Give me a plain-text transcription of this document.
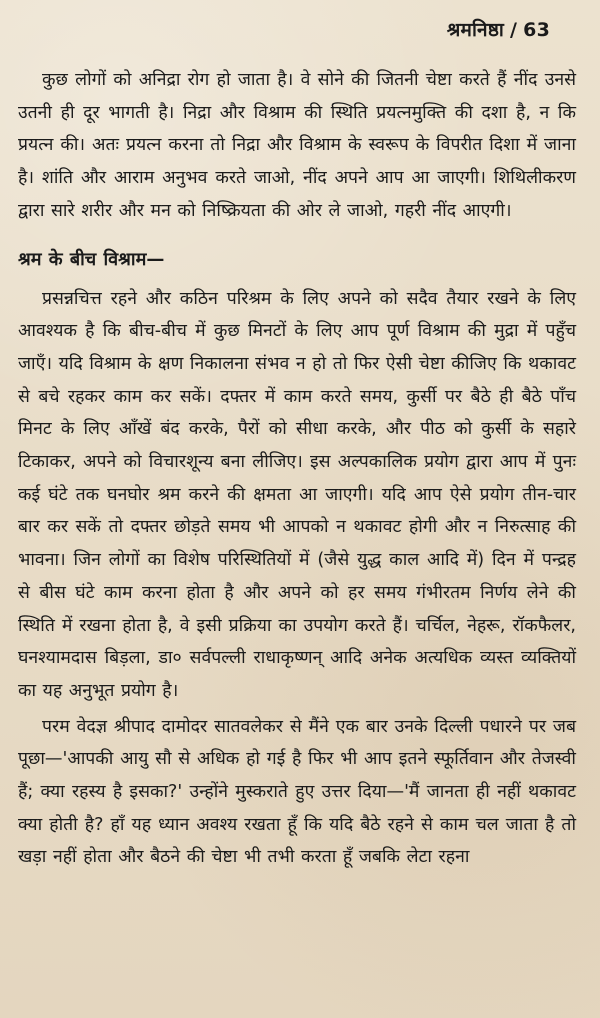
श्रमनिष्ठा / 63

कुछ लोगों को अनिद्रा रोग हो जाता है। वे सोने की जितनी चेष्टा करते हैं नींद उनसे उतनी ही दूर भागती है। निद्रा और विश्राम की स्थिति प्रयत्नमुक्ति की दशा है, न कि प्रयत्न की। अतः प्रयत्न करना तो निद्रा और विश्राम के स्वरूप के विपरीत दिशा में जाना है। शांति और आराम अनुभव करते जाओ, नींद अपने आप आ जाएगी। शिथिलीकरण द्वारा सारे शरीर और मन को निष्क्रियता की ओर ले जाओ, गहरी नींद आएगी।

श्रम के बीच विश्राम—

प्रसन्नचित्त रहने और कठिन परिश्रम के लिए अपने को सदैव तैयार रखने के लिए आवश्यक है कि बीच-बीच में कुछ मिनटों के लिए आप पूर्ण विश्राम की मुद्रा में पहुँच जाएँ। यदि विश्राम के क्षण निकालना संभव न हो तो फिर ऐसी चेष्टा कीजिए कि थकावट से बचे रहकर काम कर सकें। दफ्तर में काम करते समय, कुर्सी पर बैठे ही बैठे पाँच मिनट के लिए आँखें बंद करके, पैरों को सीधा करके, और पीठ को कुर्सी के सहारे टिकाकर, अपने को विचारशून्य बना लीजिए। इस अल्पकालिक प्रयोग द्वारा आप में पुनः कई घंटे तक घनघोर श्रम करने की क्षमता आ जाएगी। यदि आप ऐसे प्रयोग तीन-चार बार कर सकें तो दफ्तर छोड़ते समय भी आपको न थकावट होगी और न निरुत्साह की भावना। जिन लोगों का विशेष परिस्थितियों में (जैसे युद्ध काल आदि में) दिन में पन्द्रह से बीस घंटे काम करना होता है और अपने को हर समय गंभीरतम निर्णय लेने की स्थिति में रखना होता है, वे इसी प्रक्रिया का उपयोग करते हैं। चर्चिल, नेहरू, रॉकफैलर, घनश्यामदास बिड़ला, डा० सर्वपल्ली राधाकृष्णन् आदि अनेक अत्यधिक व्यस्त व्यक्तियों का यह अनुभूत प्रयोग है।

परम वेदज्ञ श्रीपाद दामोदर सातवलेकर से मैंने एक बार उनके दिल्ली पधारने पर जब पूछा—'आपकी आयु सौ से अधिक हो गई है फिर भी आप इतने स्फूर्तिवान और तेजस्वी हैं; क्या रहस्य है इसका?' उन्होंने मुस्कराते हुए उत्तर दिया—'मैं जानता ही नहीं थकावट क्या होती है? हाँ यह ध्यान अवश्य रखता हूँ कि यदि बैठे रहने से काम चल जाता है तो खड़ा नहीं होता और बैठने की चेष्टा भी तभी करता हूँ जबकि लेटा रहना
